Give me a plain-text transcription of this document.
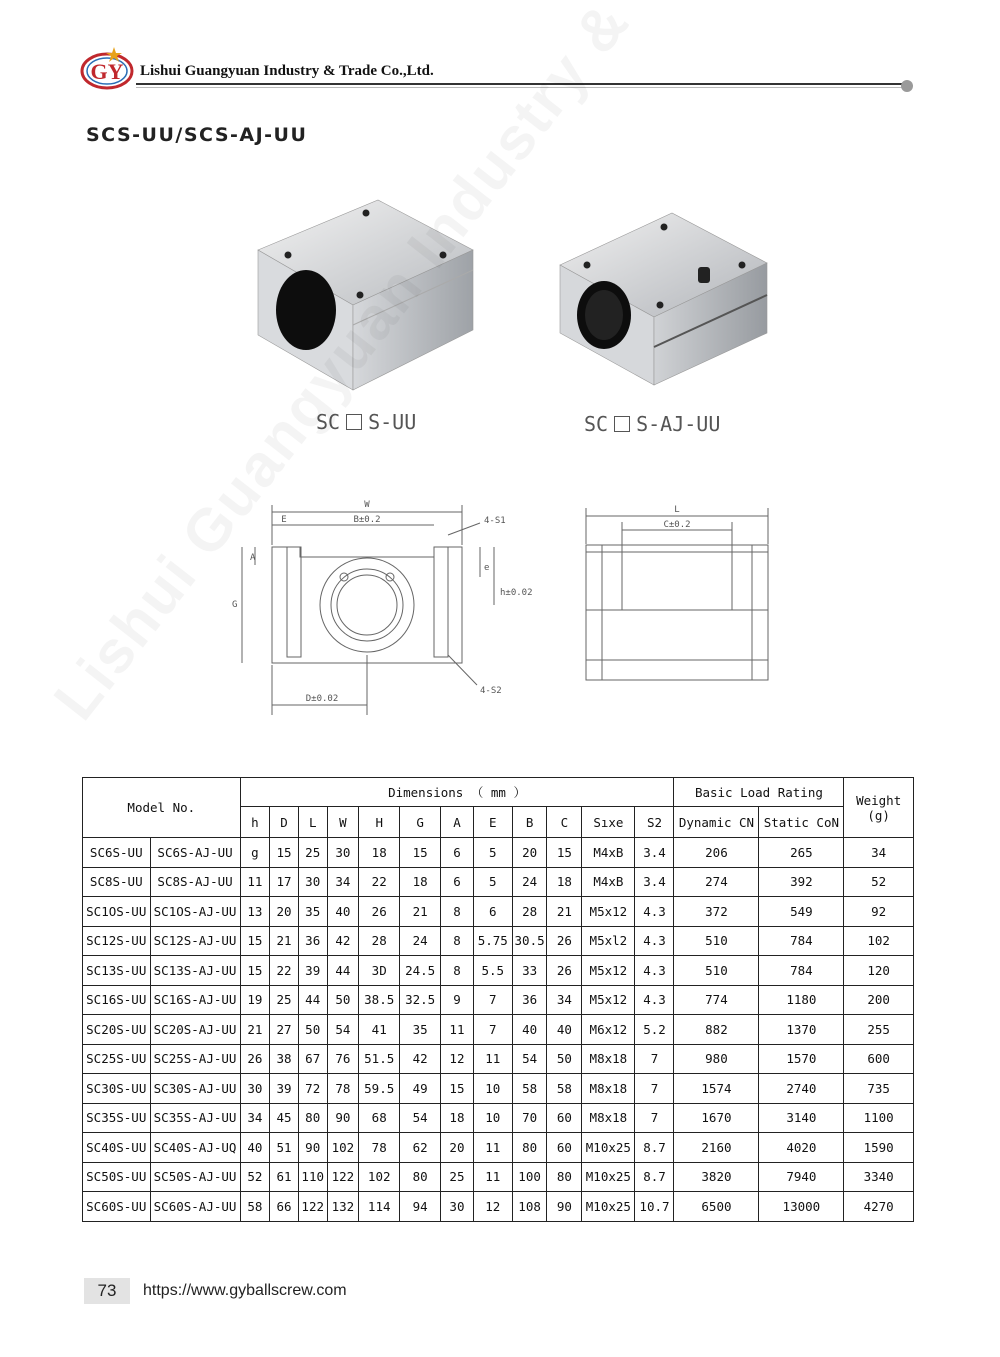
GY Lishui Guangyuan Industry & Trade Co.,Ltd.
SCS-UU/SCS-AJ-UU
SC S-UU	SC S-AJ-UU
W
E	B±0.2	4-S1
A
e
h±0.02
G
4-S2
D±0.02
L
C±0.2
Model No.		Dimensions （ mm ）												Basic Load Rating		Weight
(g)
		h	D	L	W	H	G	A	E	B	C	Sıxe	S2	Dynamic CN	Static CoN	
SC6S-UU	SC6S-AJ-UU	g	15	25	30	18	15	6	5	20	15	M4xB	3.4	206	265	34
SC8S-UU	SC8S-AJ-UU	11	17	30	34	22	18	6	5	24	18	M4xB	3.4	274	392	52
SC1OS-UU	SC1OS-AJ-UU	13	20	35	40	26	21	8	6	28	21	M5x12	4.3	372	549	92
SC12S-UU	SC12S-AJ-UU	15	21	36	42	28	24	8	5.75	30.5	26	M5xl2	4.3	510	784	102
SC13S-UU	SC13S-AJ-UU	15	22	39	44	3D	24.5	8	5.5	33	26	M5x12	4.3	510	784	120
SC16S-UU	SC16S-AJ-UU	19	25	44	50	38.5	32.5	9	7	36	34	M5x12	4.3	774	1180	200
SC20S-UU	SC20S-AJ-UU	21	27	50	54	41	35	11	7	40	40	M6x12	5.2	882	1370	255
SC25S-UU	SC25S-AJ-UU	26	38	67	76	51.5	42	12	11	54	50	M8x18	7	980	1570	600
SC30S-UU	SC30S-AJ-UU	30	39	72	78	59.5	49	15	10	58	58	M8x18	7	1574	2740	735
SC35S-UU	SC35S-AJ-UU	34	45	80	90	68	54	18	10	70	60	M8x18	7	1670	3140	1100
SC40S-UU	SC40S-AJ-UQ	40	51	90	102	78	62	20	11	80	60	M10x25	8.7	2160	4020	1590
SC50S-UU	SC50S-AJ-UU	52	61	110	122	102	80	25	11	100	80	M10x25	8.7	3820	7940	3340
SC60S-UU	SC60S-AJ-UU	58	66	122	132	114	94	30	12	108	90	M10x25	10.7	6500	13000	4270
73	https://www.gyballscrew.com
